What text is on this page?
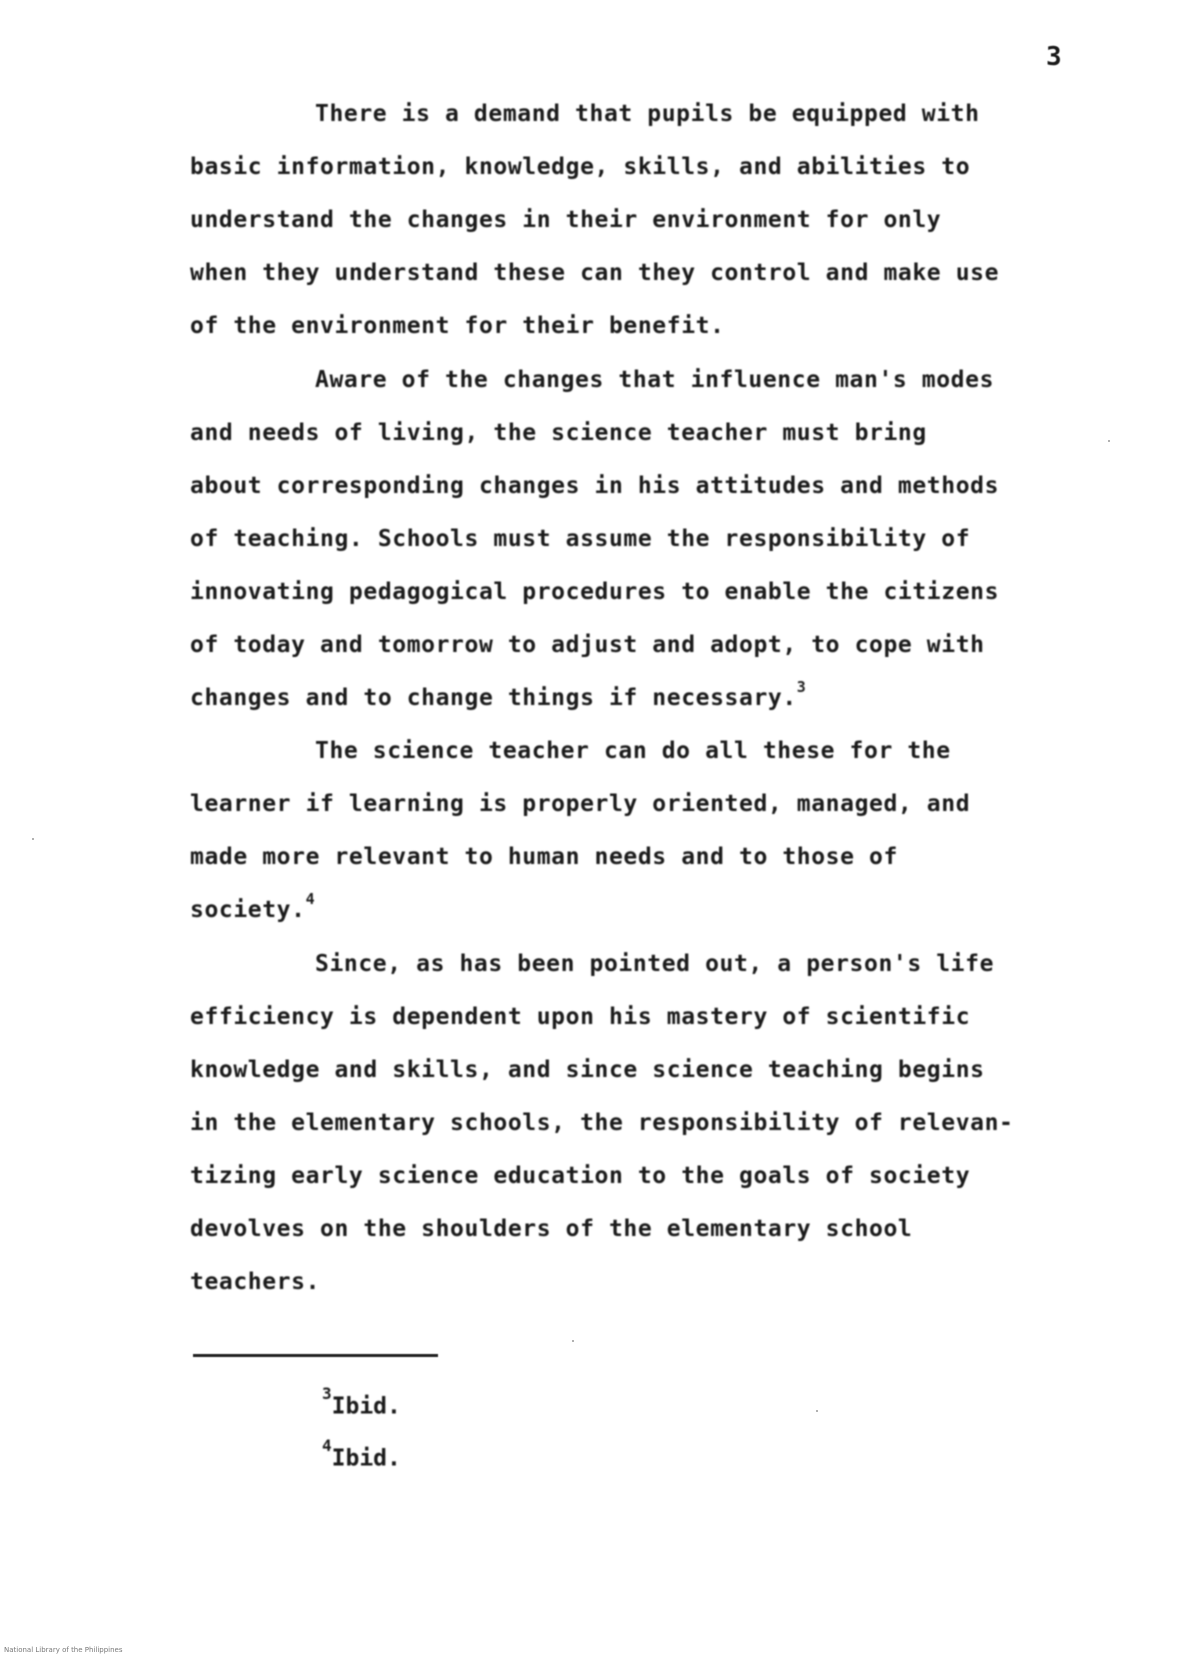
3
There is a demand that pupils be equipped with
basic information, knowledge, skills, and abilities to
understand the changes in their environment for only
when they understand these can they control and make use
of the environment for their benefit.
Aware of the changes that influence man's modes
and needs of living, the science teacher must bring
about corresponding changes in his attitudes and methods
of teaching. Schools must assume the responsibility of
innovating pedagogical procedures to enable the citizens
of today and tomorrow to adjust and adopt, to cope with
changes and to change things if necessary.$^3$
The science teacher can do all these for the
learner if learning is properly oriented, managed, and
made more relevant to human needs and to those of
society.$^4$
Since, as has been pointed out, a person's life
efficiency is dependent upon his mastery of scientific
knowledge and skills, and since science teaching begins
in the elementary schools, the responsibility of relevan-
tizing early science education to the goals of society
devolves on the shoulders of the elementary school
teachers.
$^3$Ibid.
$^4$Ibid.
National Library of the Philippines
